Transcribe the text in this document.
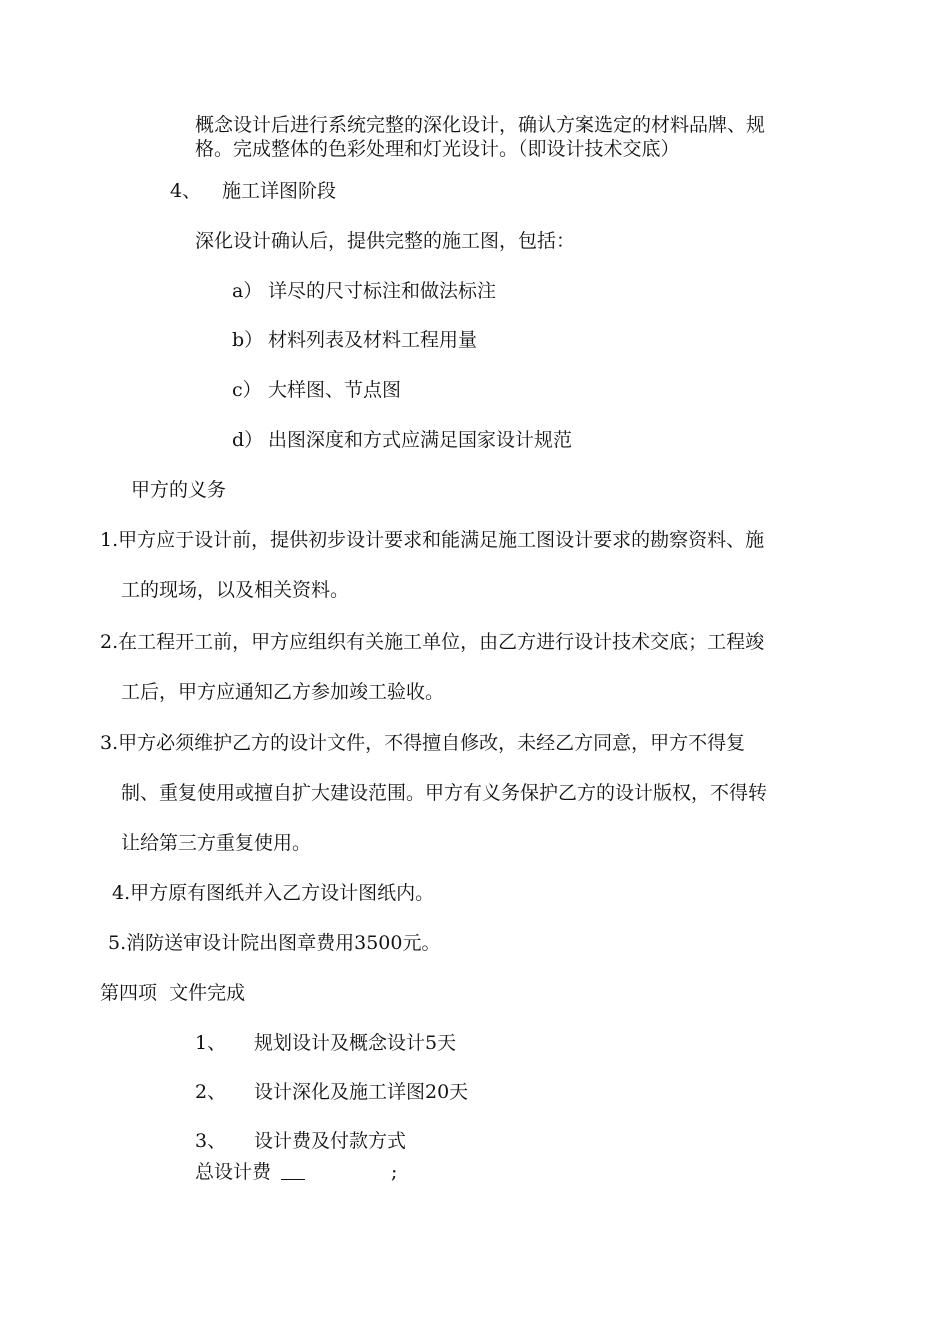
概念设计后进行系统完整的深化设计，确认方案选定的材料品牌、规
格。完成整体的色彩处理和灯光设计。（即设计技术交底）
4、 施工详图阶段
深化设计确认后，提供完整的施工图，包括：
a） 详尽的尺寸标注和做法标注
b） 材料列表及材料工程用量
c） 大样图、节点图
d） 出图深度和方式应满足国家设计规范
甲方的义务
1.甲方应于设计前，提供初步设计要求和能满足施工图设计要求的勘察资料、施
工的现场，以及相关资料。
2.在工程开工前，甲方应组织有关施工单位，由乙方进行设计技术交底；工程竣
工后，甲方应通知乙方参加竣工验收。
3.甲方必须维护乙方的设计文件，不得擅自修改，未经乙方同意，甲方不得复
制、重复使用或擅自扩大建设范围。甲方有义务保护乙方的设计版权，不得转
让给第三方重复使用。
4.甲方原有图纸并入乙方设计图纸内。
5.消防送审设计院出图章费用3500元。
第四项  文件完成
1、 规划设计及概念设计5天
2、 设计深化及施工详图20天
3、 设计费及付款方式
总设计费	;
